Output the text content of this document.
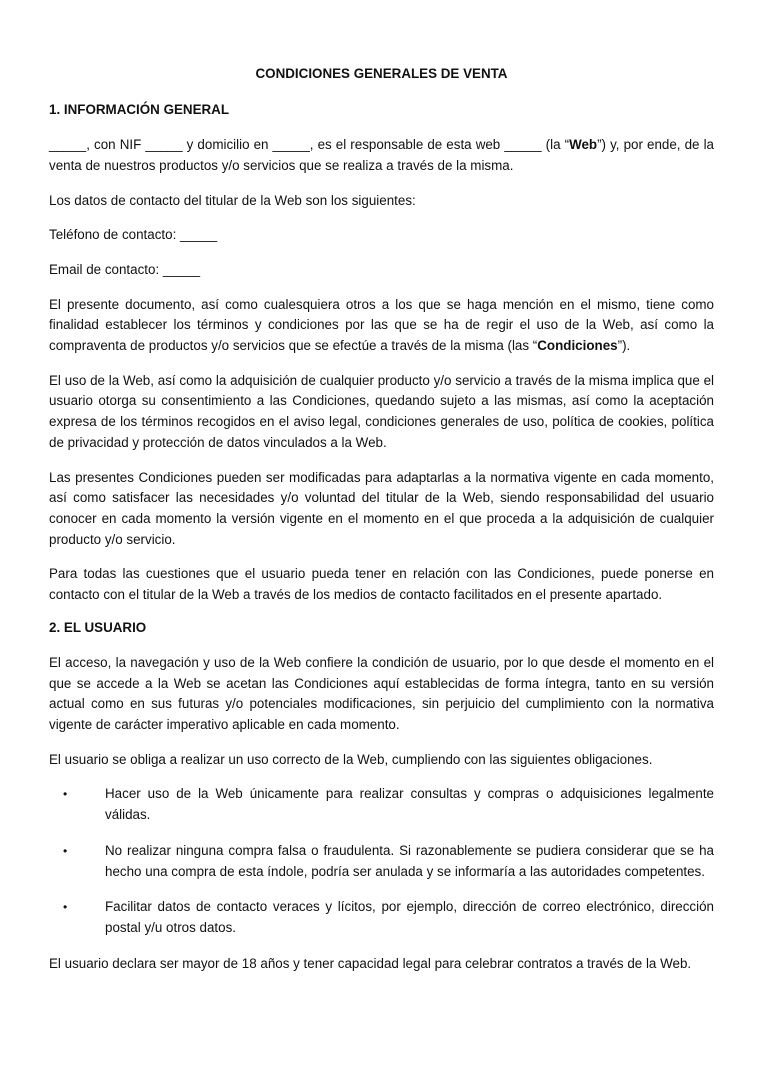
CONDICIONES GENERALES DE VENTA
1. INFORMACIÓN GENERAL

_____, con NIF _____ y domicilio en _____, es el responsable de esta web _____ (la “Web”) y, por ende, de la venta de nuestros productos y/o servicios que se realiza a través de la misma.

Los datos de contacto del titular de la Web son los siguientes:

Teléfono de contacto: _____

Email de contacto: _____

El presente documento, así como cualesquiera otros a los que se haga mención en el mismo, tiene como finalidad establecer los términos y condiciones por las que se ha de regir el uso de la Web, así como la compraventa de productos y/o servicios que se efectúe a través de la misma (las “Condiciones”).

El uso de la Web, así como la adquisición de cualquier producto y/o servicio a través de la misma implica que el usuario otorga su consentimiento a las Condiciones, quedando sujeto a las mismas, así como la aceptación expresa de los términos recogidos en el aviso legal, condiciones generales de uso, política de cookies, política de privacidad y protección de datos vinculados a la Web.

Las presentes Condiciones pueden ser modificadas para adaptarlas a la normativa vigente en cada momento, así como satisfacer las necesidades y/o voluntad del titular de la Web, siendo responsabilidad del usuario conocer en cada momento la versión vigente en el momento en el que proceda a la adquisición de cualquier producto y/o servicio.

Para todas las cuestiones que el usuario pueda tener en relación con las Condiciones, puede ponerse en contacto con el titular de la Web a través de los medios de contacto facilitados en el presente apartado.

2. EL USUARIO

El acceso, la navegación y uso de la Web confiere la condición de usuario, por lo que desde el momento en el que se accede a la Web se acetan las Condiciones aquí establecidas de forma íntegra, tanto en su versión actual como en sus futuras y/o potenciales modificaciones, sin perjuicio del cumplimiento con la normativa vigente de carácter imperativo aplicable en cada momento.

El usuario se obliga a realizar un uso correcto de la Web, cumpliendo con las siguientes obligaciones.

•	Hacer uso de la Web únicamente para realizar consultas y compras o adquisiciones legalmente válidas.
•	No realizar ninguna compra falsa o fraudulenta. Si razonablemente se pudiera considerar que se ha hecho una compra de esta índole, podría ser anulada y se informaría a las autoridades competentes.
•	Facilitar datos de contacto veraces y lícitos, por ejemplo, dirección de correo electrónico, dirección postal y/u otros datos.

El usuario declara ser mayor de 18 años y tener capacidad legal para celebrar contratos a través de la Web.
